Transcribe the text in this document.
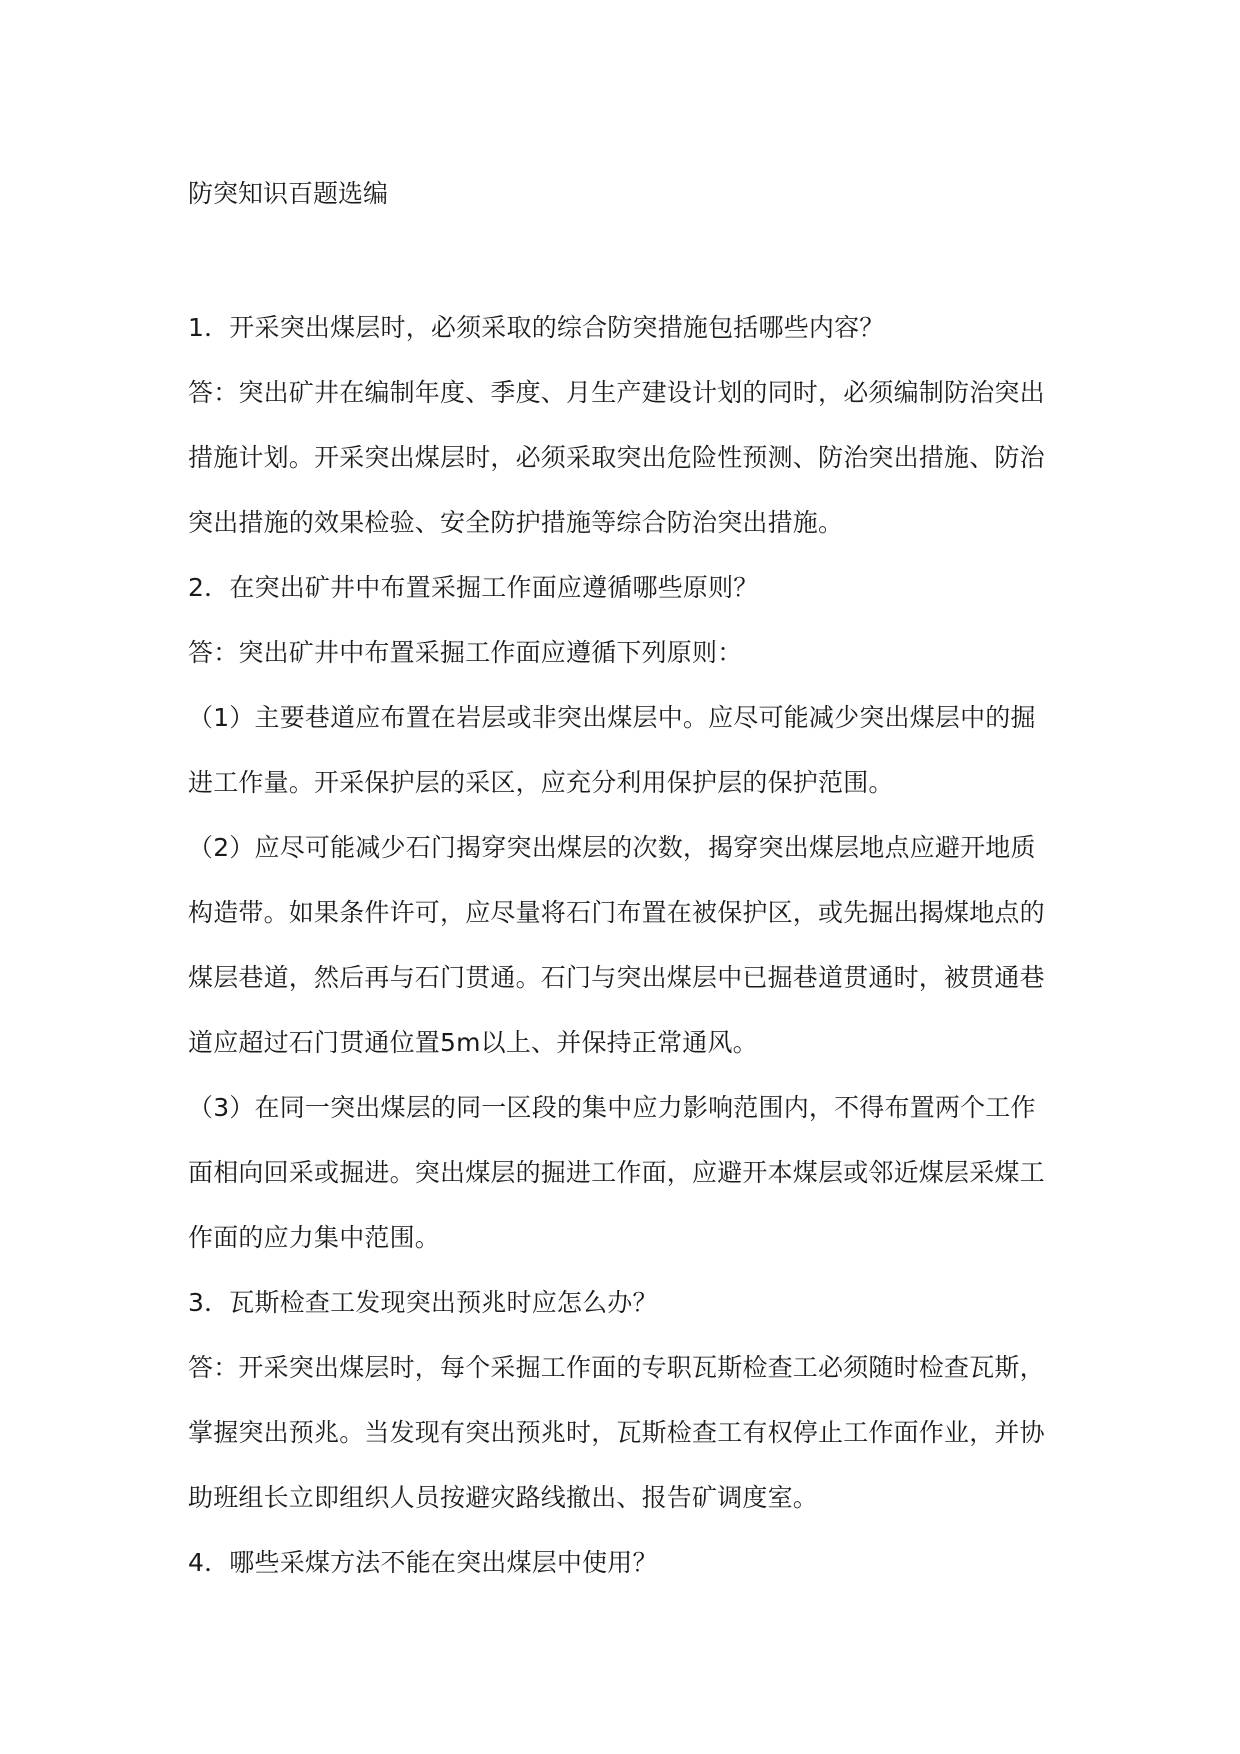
防突知识百题选编
1．开采突出煤层时，必须采取的综合防突措施包括哪些内容？
答：突出矿井在编制年度、季度、月生产建设计划的同时，必须编制防治突出
措施计划。开采突出煤层时，必须采取突出危险性预测、防治突出措施、防治
突出措施的效果检验、安全防护措施等综合防治突出措施。
2．在突出矿井中布置采掘工作面应遵循哪些原则？
答：突出矿井中布置采掘工作面应遵循下列原则：
（1）主要巷道应布置在岩层或非突出煤层中。应尽可能减少突出煤层中的掘
进工作量。开采保护层的采区，应充分利用保护层的保护范围。
（2）应尽可能减少石门揭穿突出煤层的次数，揭穿突出煤层地点应避开地质
构造带。如果条件许可，应尽量将石门布置在被保护区，或先掘出揭煤地点的
煤层巷道，然后再与石门贯通。石门与突出煤层中已掘巷道贯通时，被贯通巷
道应超过石门贯通位置5m以上、并保持正常通风。
（3）在同一突出煤层的同一区段的集中应力影响范围内，不得布置两个工作
面相向回采或掘进。突出煤层的掘进工作面，应避开本煤层或邻近煤层采煤工
作面的应力集中范围。
3．瓦斯检查工发现突出预兆时应怎么办？
答：开采突出煤层时，每个采掘工作面的专职瓦斯检查工必须随时检查瓦斯，
掌握突出预兆。当发现有突出预兆时，瓦斯检查工有权停止工作面作业，并协
助班组长立即组织人员按避灾路线撤出、报告矿调度室。
4．哪些采煤方法不能在突出煤层中使用？
